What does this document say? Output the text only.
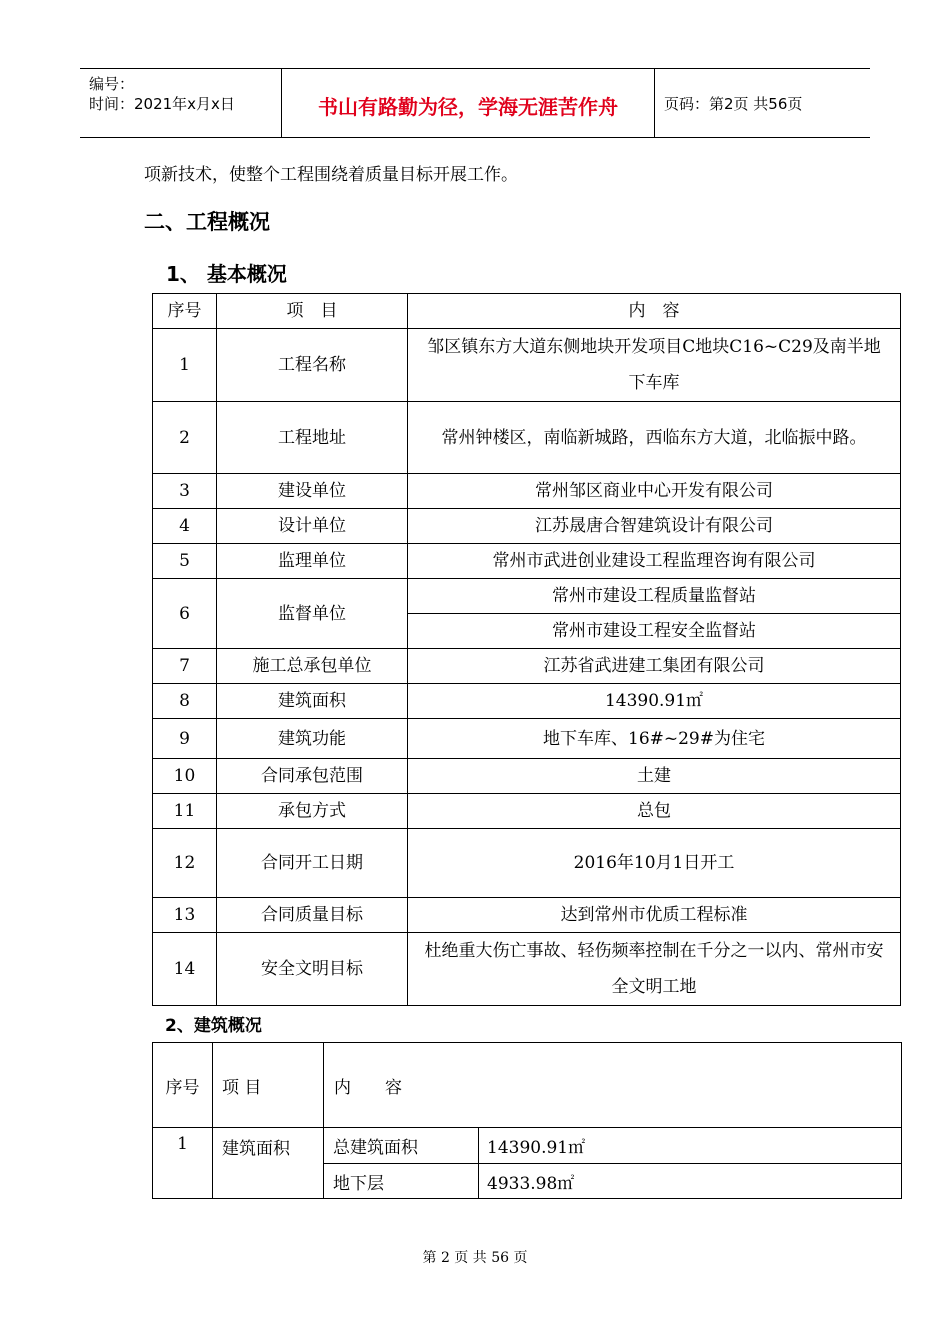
编号：
时间：2021年x月x日	书山有路勤为径，学海无涯苦作舟	页码：第2页 共56页
项新技术，使整个工程围绕着质量目标开展工作。
二、工程概况
1、 基本概况
序号	项　目	内　容
1	工程名称	邹区镇东方大道东侧地块开发项目C地块C16~C29及南半地下车库
2	工程地址	常州钟楼区，南临新城路，西临东方大道，北临振中路。
3	建设单位	常州邹区商业中心开发有限公司
4	设计单位	江苏晟唐合智建筑设计有限公司
5	监理单位	常州市武进创业建设工程监理咨询有限公司
6	监督单位	常州市建设工程质量监督站
		常州市建设工程安全监督站
7	施工总承包单位	江苏省武进建工集团有限公司
8	建筑面积	14390.91㎡
9	建筑功能	地下车库、16#~29#为住宅
10	合同承包范围	土建
11	承包方式	总包
12	合同开工日期	2016年10月1日开工
13	合同质量目标	达到常州市优质工程标准
14	安全文明目标	杜绝重大伤亡事故、轻伤频率控制在千分之一以内、常州市安全文明工地
2、建筑概况
序号	项 目	内　　容	
1	建筑面积	总建筑面积	14390.91㎡
		地下层	4933.98㎡
第 2 页 共 56 页
